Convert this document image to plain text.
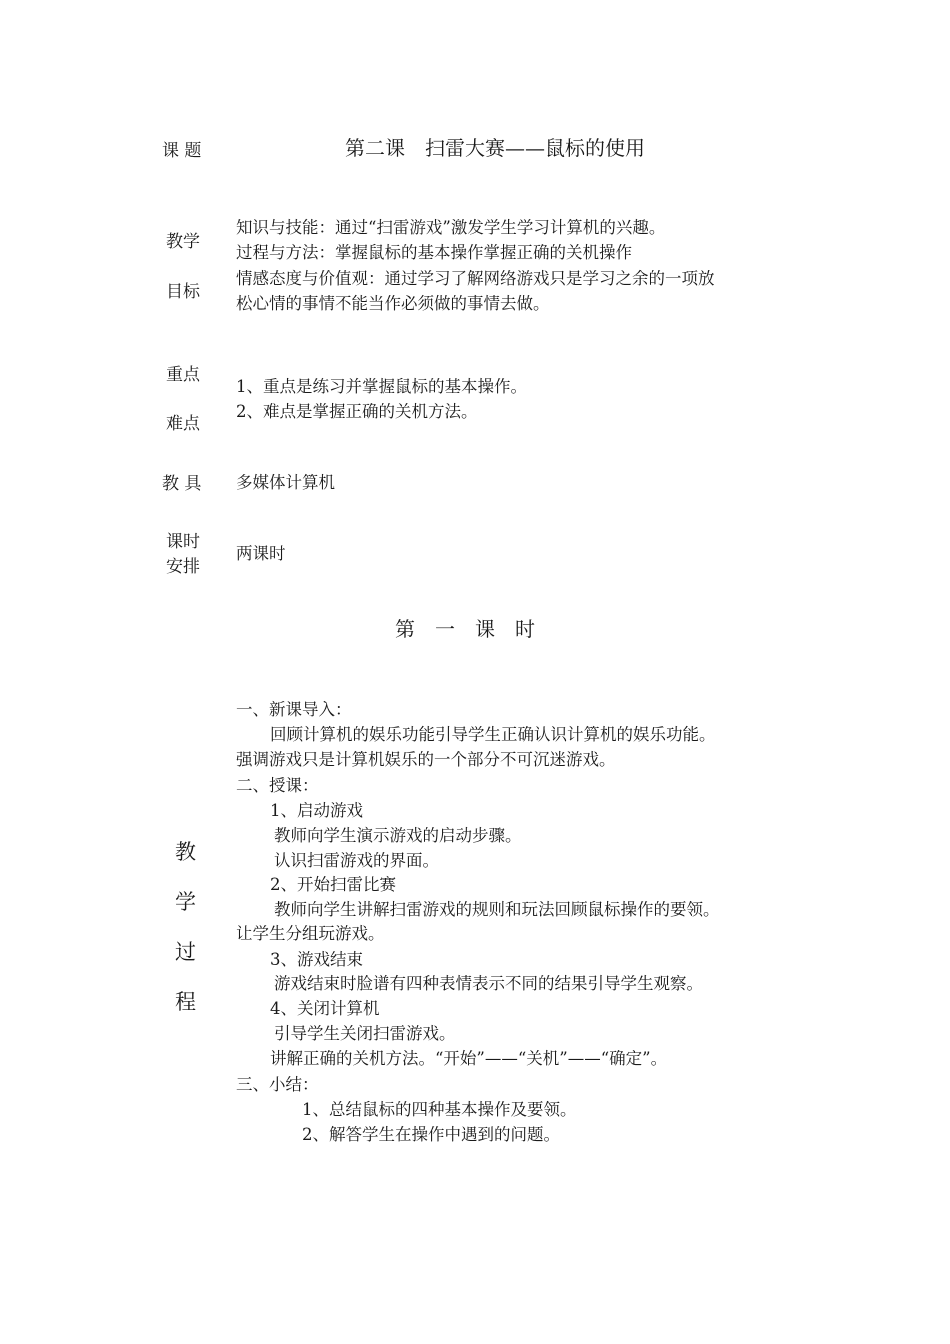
课 题	第二课　扫雷大赛——鼠标的使用
教学
目标
知识与技能：通过“扫雷游戏”激发学生学习计算机的兴趣。
过程与方法：掌握鼠标的基本操作掌握正确的关机操作
情感态度与价值观：通过学习了解网络游戏只是学习之余的一项放
松心情的事情不能当作必须做的事情去做。
重点
难点
1、重点是练习并掌握鼠标的基本操作。
2、难点是掌握正确的关机方法。
教 具 多媒体计算机
课时
安排
两课时
第　一　课　时
教
学
过
程
一、新课导入：
回顾计算机的娱乐功能引导学生正确认识计算机的娱乐功能。
强调游戏只是计算机娱乐的一个部分不可沉迷游戏。
二、授课：
1、启动游戏
教师向学生演示游戏的启动步骤。
认识扫雷游戏的界面。
2、开始扫雷比赛
教师向学生讲解扫雷游戏的规则和玩法回顾鼠标操作的要领。
让学生分组玩游戏。
3、游戏结束
游戏结束时脸谱有四种表情表示不同的结果引导学生观察。
4、关闭计算机
引导学生关闭扫雷游戏。
讲解正确的关机方法。“开始”——“关机”——“确定”。
三、小结：
1、总结鼠标的四种基本操作及要领。
2、解答学生在操作中遇到的问题。
